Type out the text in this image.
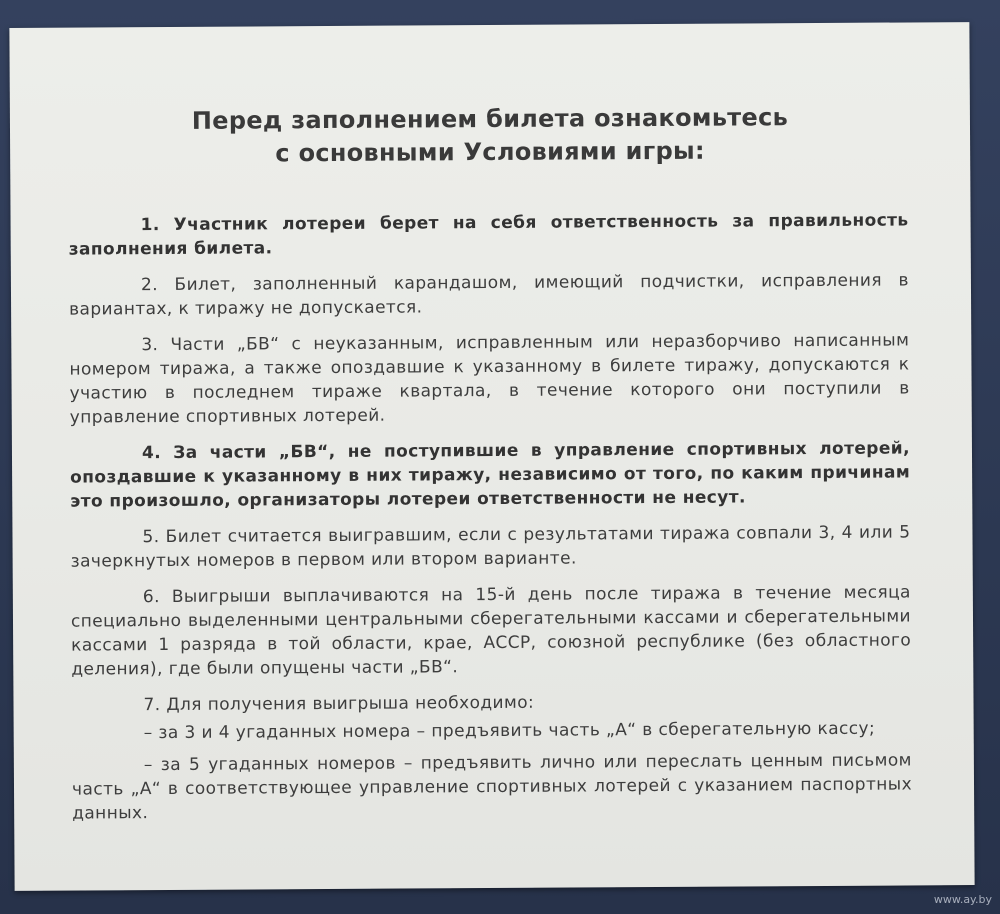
Перед заполнением билета ознакомьтесь
с основными Условиями игры:

1. Участник лотереи берет на себя ответственность за правильность заполнения билета.

2. Билет, заполненный карандашом, имеющий подчистки, исправления в вариантах, к тиражу не допускается.

3. Части „БВ“ с неуказанным, исправленным или неразборчиво написанным номером тиража, а также опоздавшие к указанному в билете тиражу, допускаются к участию в последнем тираже квартала, в течение которого они поступили в управление спортивных лотерей.

4. За части „БВ“, не поступившие в управление спортивных лотерей, опоздавшие к указанному в них тиражу, независимо от того, по каким причинам это произошло, организаторы лотереи ответственности не несут.

5. Билет считается выигравшим, если с результатами тиража совпали 3, 4 или 5 зачеркнутых номеров в первом или втором варианте.

6. Выигрыши выплачиваются на 15-й день после тиража в течение месяца специально выделенными центральными сберегательными кассами и сберегательными кассами 1 разряда в той области, крае, АССР, союзной республике (без областного деления), где были опущены части „БВ“.

7. Для получения выигрыша необходимо:

– за 3 и 4 угаданных номера – предъявить часть „А“ в сберегательную кассу;

– за 5 угаданных номеров – предъявить лично или переслать ценным письмом часть „А“ в соответствующее управление спортивных лотерей с указанием паспортных данных.

www.ay.by
